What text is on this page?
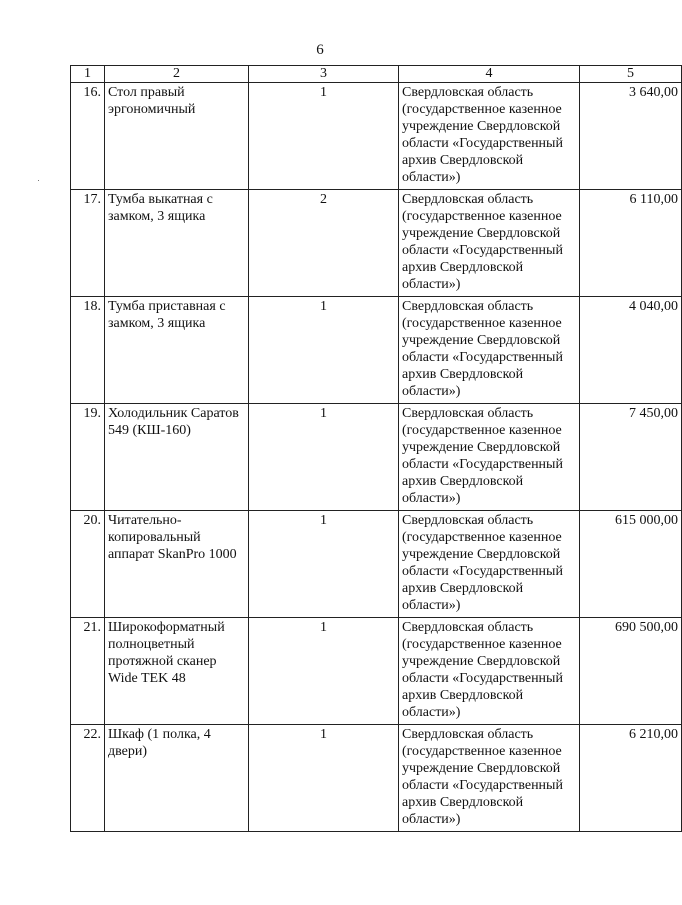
6
1	2	3	4	5
16.	Стол правый эргономичный	1	Свердловская область (государственное казенное учреждение Свердловской области «Государственный архив Свердловской области»)	3 640,00
17.	Тумба выкатная с замком, 3 ящика	2	Свердловская область (государственное казенное учреждение Свердловской области «Государственный архив Свердловской области»)	6 110,00
18.	Тумба приставная с замком, 3 ящика	1	Свердловская область (государственное казенное учреждение Свердловской области «Государственный архив Свердловской области»)	4 040,00
19.	Холодильник Саратов 549 (КШ-160)	1	Свердловская область (государственное казенное учреждение Свердловской области «Государственный архив Свердловской области»)	7 450,00
20.	Читательно-копировальный аппарат SkanPro 1000	1	Свердловская область (государственное казенное учреждение Свердловской области «Государственный архив Свердловской области»)	615 000,00
21.	Широкоформатный полноцветный протяжной сканер Wide TEK 48	1	Свердловская область (государственное казенное учреждение Свердловской области «Государственный архив Свердловской области»)	690 500,00
22.	Шкаф (1 полка, 4 двери)	1	Свердловская область (государственное казенное учреждение Свердловской области «Государственный архив Свердловской области»)	6 210,00
